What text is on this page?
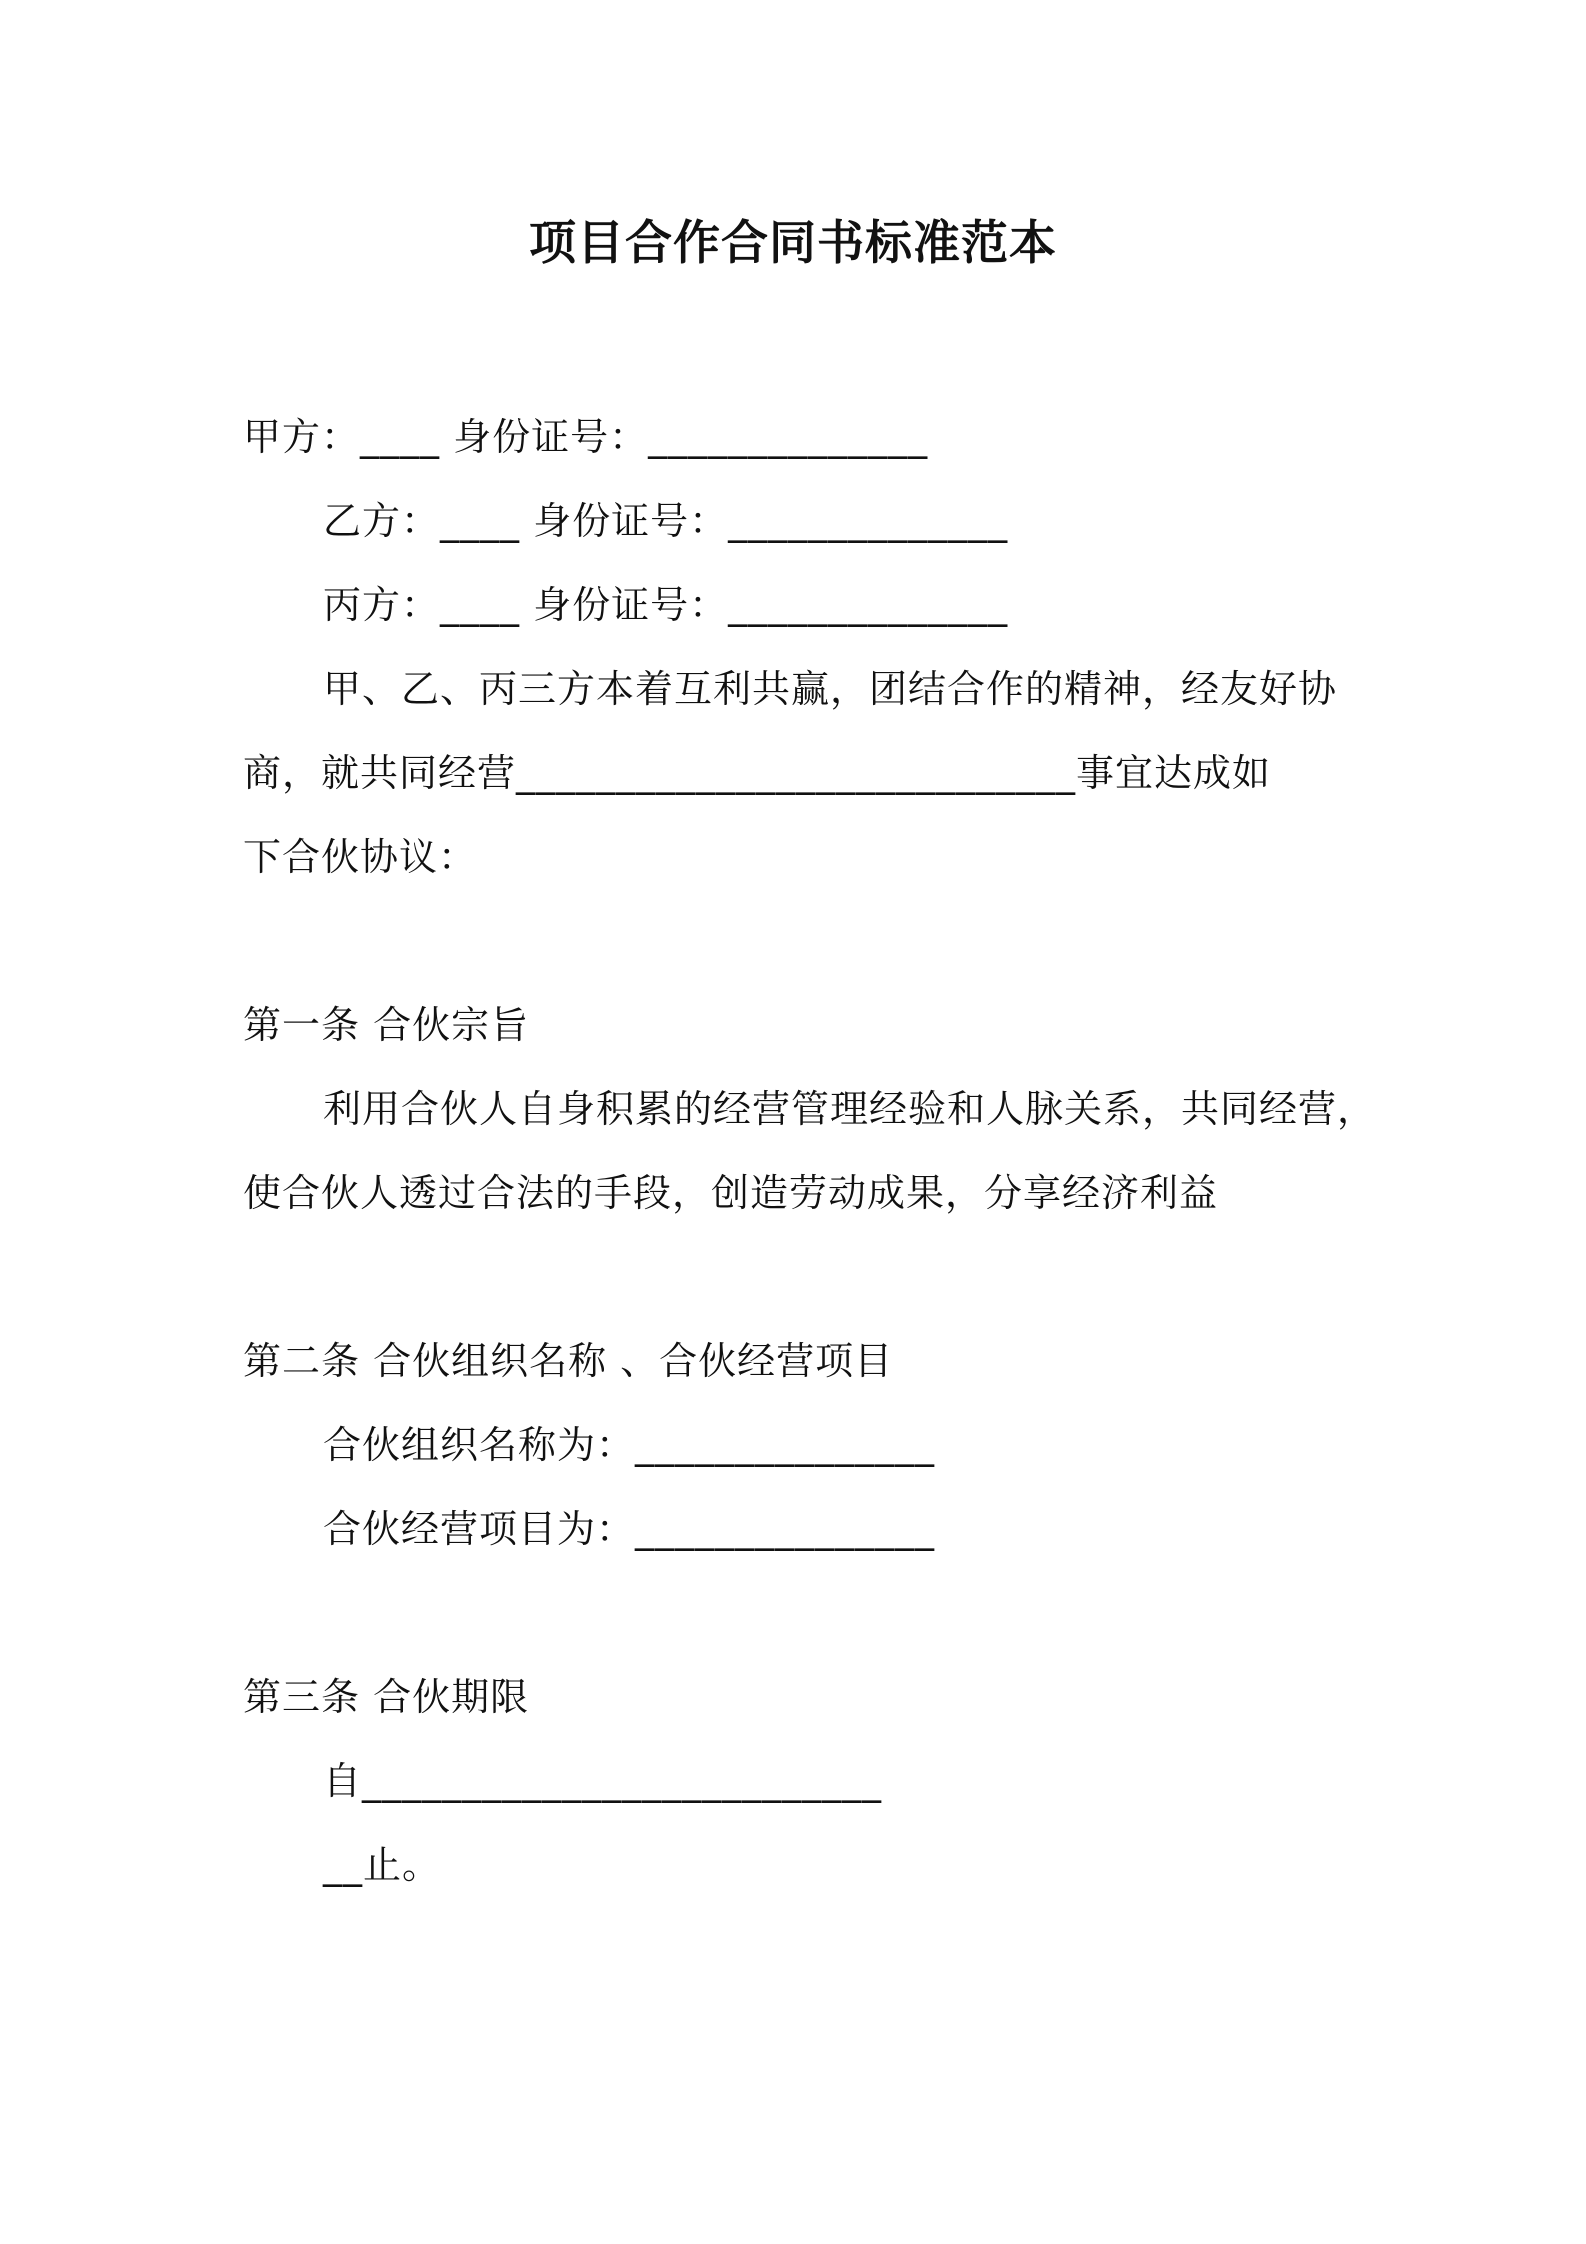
项目合作合同书标准范本
甲方：____ 身份证号：______________
乙方：____ 身份证号：______________
丙方：____ 身份证号：______________
甲、乙、丙三方本着互利共赢，团结合作的精神，经友好协
商，就共同经营____________________________事宜达成如
下合伙协议：
第一条 合伙宗旨
利用合伙人自身积累的经营管理经验和人脉关系，共同经营，
使合伙人透过合法的手段，创造劳动成果，分享经济利益
第二条 合伙组织名称 、合伙经营项目
合伙组织名称为：_______________
合伙经营项目为：_______________
第三条 合伙期限
自__________________________
__止。
